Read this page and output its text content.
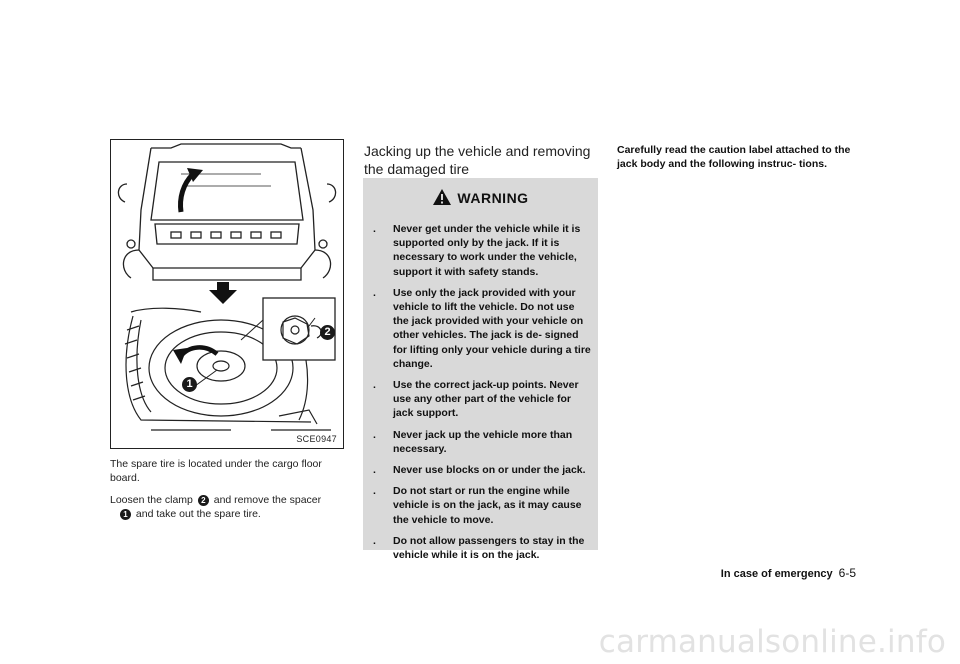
2
1
SCE0947

The spare tire is located under the cargo floor board.

Loosen the clamp 2 and remove the spacer
1 and take out the spare tire.

Jacking up the vehicle and removing the damaged tire
WARNING
. Never get under the vehicle while it is supported only by the jack. If it is necessary to work under the vehicle, support it with safety stands.
. Use only the jack provided with your vehicle to lift the vehicle. Do not use the jack provided with your vehicle on other vehicles. The jack is de- signed for lifting only your vehicle during a tire change.
. Use the correct jack-up points. Never use any other part of the vehicle for jack support.
. Never jack up the vehicle more than necessary.
. Never use blocks on or under the jack.
. Do not start or run the engine while vehicle is on the jack, as it may cause the vehicle to move.
. Do not allow passengers to stay in the vehicle while it is on the jack.
Carefully read the caution label attached to the jack body and the following instruc- tions.
In case of emergency 6-5
carmanualsonline.info
